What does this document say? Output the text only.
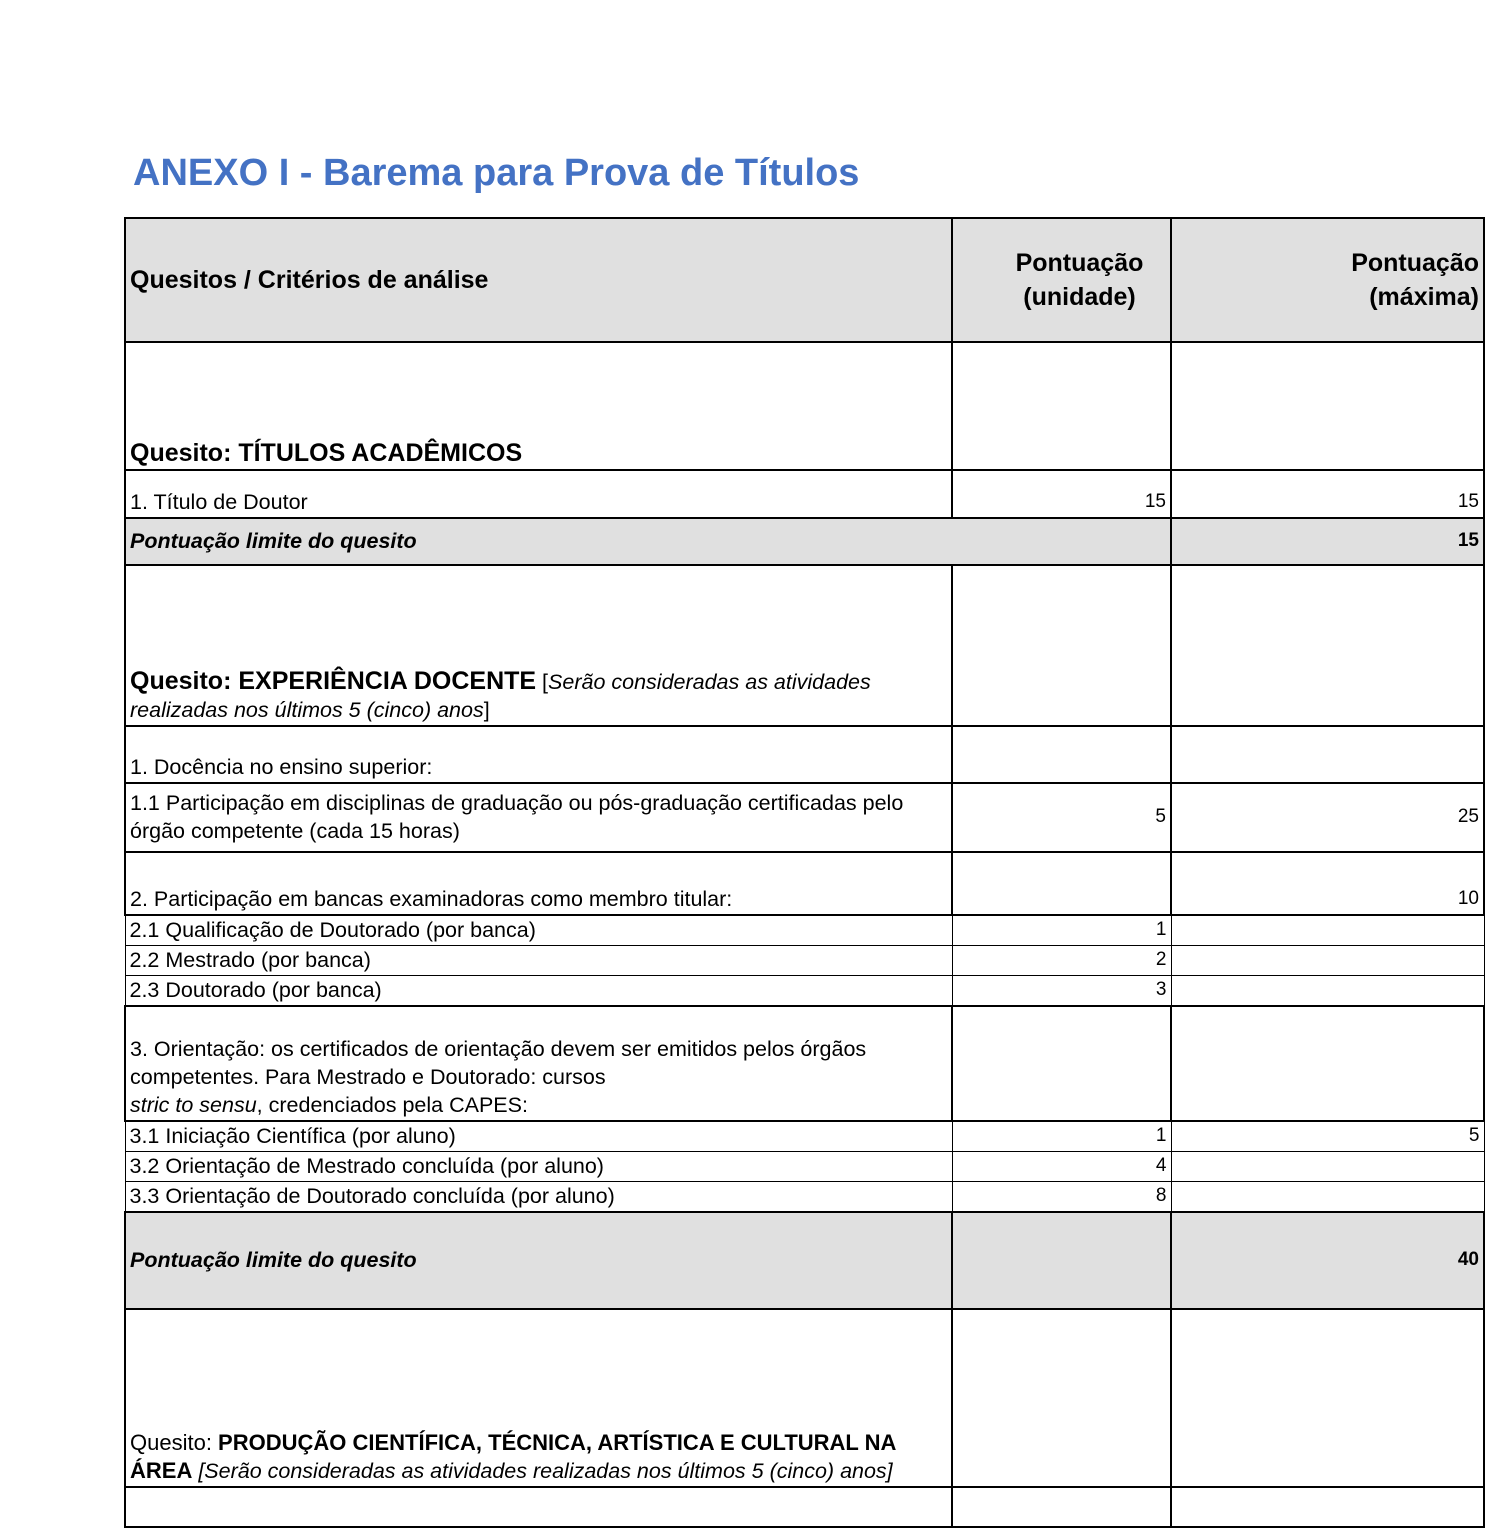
ANEXO I - Barema para Prova de Títulos
Quesitos / Critérios de análise	Pontuação (unidade)	Pontuação (máxima)
Quesito: TÍTULOS ACADÊMICOS		
1. Título de Doutor	15	15
Pontuação limite do quesito		15
Quesito: EXPERIÊNCIA DOCENTE [Serão consideradas as atividades realizadas nos últimos 5 (cinco) anos]		
1. Docência no ensino superior:		
1.1 Participação em disciplinas de graduação ou pós-graduação certificadas pelo órgão competente (cada 15 horas)	5	25
2. Participação em bancas examinadoras como membro titular:		10
2.1 Qualificação de Doutorado (por banca)	1	
2.2 Mestrado (por banca)	2	
2.3 Doutorado (por banca)	3	
3. Orientação: os certificados de orientação devem ser emitidos pelos órgãos competentes. Para Mestrado e Doutorado: cursos
stric to sensu, credenciados pela CAPES:		
3.1 Iniciação Científica (por aluno)	1	5
3.2 Orientação de Mestrado concluída (por aluno)	4	
3.3 Orientação de Doutorado concluída (por aluno)	8	
Pontuação limite do quesito		40
Quesito: PRODUÇÃO CIENTÍFICA, TÉCNICA, ARTÍSTICA E CULTURAL NA ÁREA [Serão consideradas as atividades realizadas nos últimos 5 (cinco) anos]		
